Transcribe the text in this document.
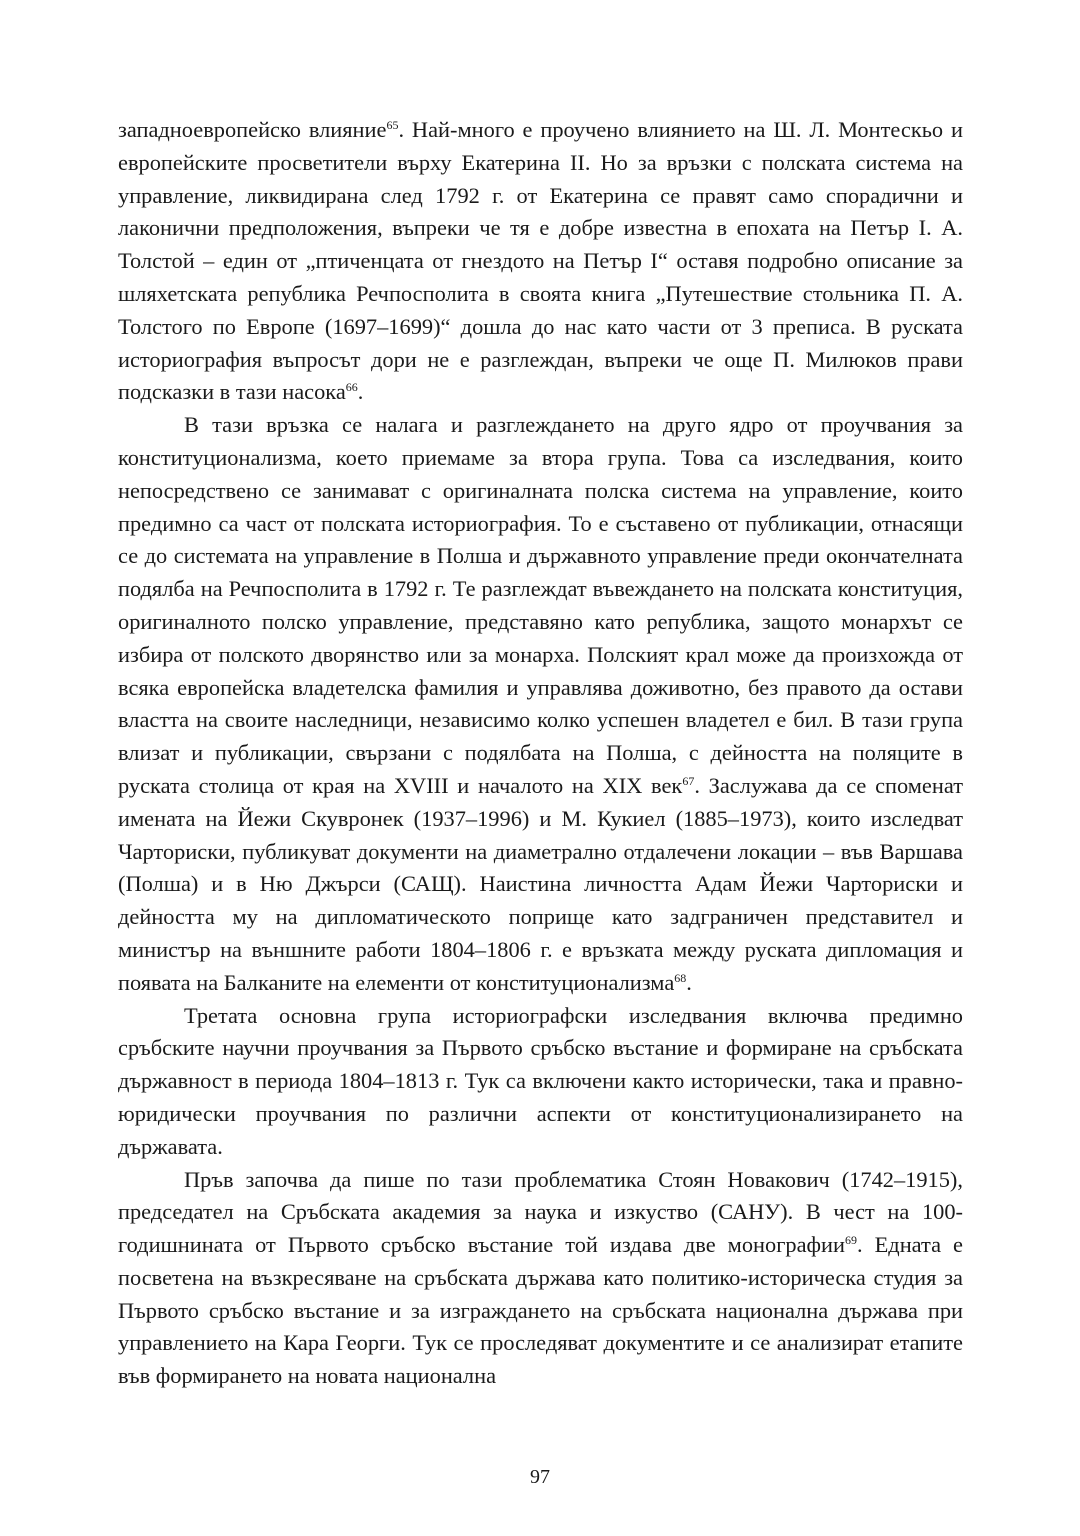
западноевропейско влияние$^{65}$. Най-много е проучено влиянието на Ш. Л. Монтескьо и европейските просветители върху Екатерина II. Но за връзки с полската система на управление, ликвидирана след 1792 г. от Екатерина се правят само спорадични и лаконични предположения, въпреки че тя е добре известна в епохата на Петър I. А. Толстой – един от „птиченцата от гнездото на Петър I“ оставя подробно описание за шляхетската република Речпосполита в своята книга „Путешествие стольника П. А. Толстого по Европе (1697–1699)“ дошла до нас като части от 3 преписа. В руската историография въпросът дори не е разглеждан, въпреки че още П. Милюков прави подсказки в тази насока$^{66}$.

В тази връзка се налага и разглеждането на друго ядро от проучвания за конституционализма, което приемаме за втора група. Това са изследвания, които непосредствено се занимават с оригиналната полска система на управление, които предимно са част от полската историография. То е съставено от публикации, отнасящи се до системата на управление в Полша и държавното управление преди окончателната подялба на Речпосполита в 1792 г. Те разглеждат въвеждането на полската конституция, оригиналното полско управление, представяно като република, защото монархът се избира от полското дворянство или за монарха. Полският крал може да произхожда от всяка европейска владетелска фамилия и управлява доживотно, без правото да остави властта на своите наследници, независимо колко успешен владетел е бил. В тази група влизат и публикации, свързани с подялбата на Полша, с дейността на поляците в руската столица от края на XVIII и началото на XIX век$^{67}$. Заслужава да се споменат имената на Йежи Скувронек (1937–1996) и М. Кукиел (1885–1973), които изследват Чарториски, публикуват документи на диаметрално отдалечени локации – във Варшава (Полша) и в Ню Джърси (САЩ). Наистина личността Адам Йежи Чарториски и дейността му на дипломатическото поприще като задграничен представител и министър на външните работи 1804–1806 г. е връзката между руската дипломация и появата на Балканите на елементи от конституционализма$^{68}$.

Третата основна група историографски изследвания включва предимно сръбските научни проучвания за Първото сръбско въстание и формиране на сръбската държавност в периода 1804–1813 г. Тук са включени както исторически, така и правно-юридически проучвания по различни аспекти от конституционализирането на държавата.

Пръв започва да пише по тази проблематика Стоян Новакович (1742–1915), председател на Сръбската академия за наука и изкуство (САНУ). В чест на 100-годишнината от Първото сръбско въстание той издава две монографии$^{69}$. Едната е посветена на възкресяване на сръбската държава като политико-историческа студия за Първото сръбско въстание и за изграждането на сръбската национална държава при управлението на Кара Георги. Тук се проследяват документите и се анализират етапите във формирането на новата национална

97
